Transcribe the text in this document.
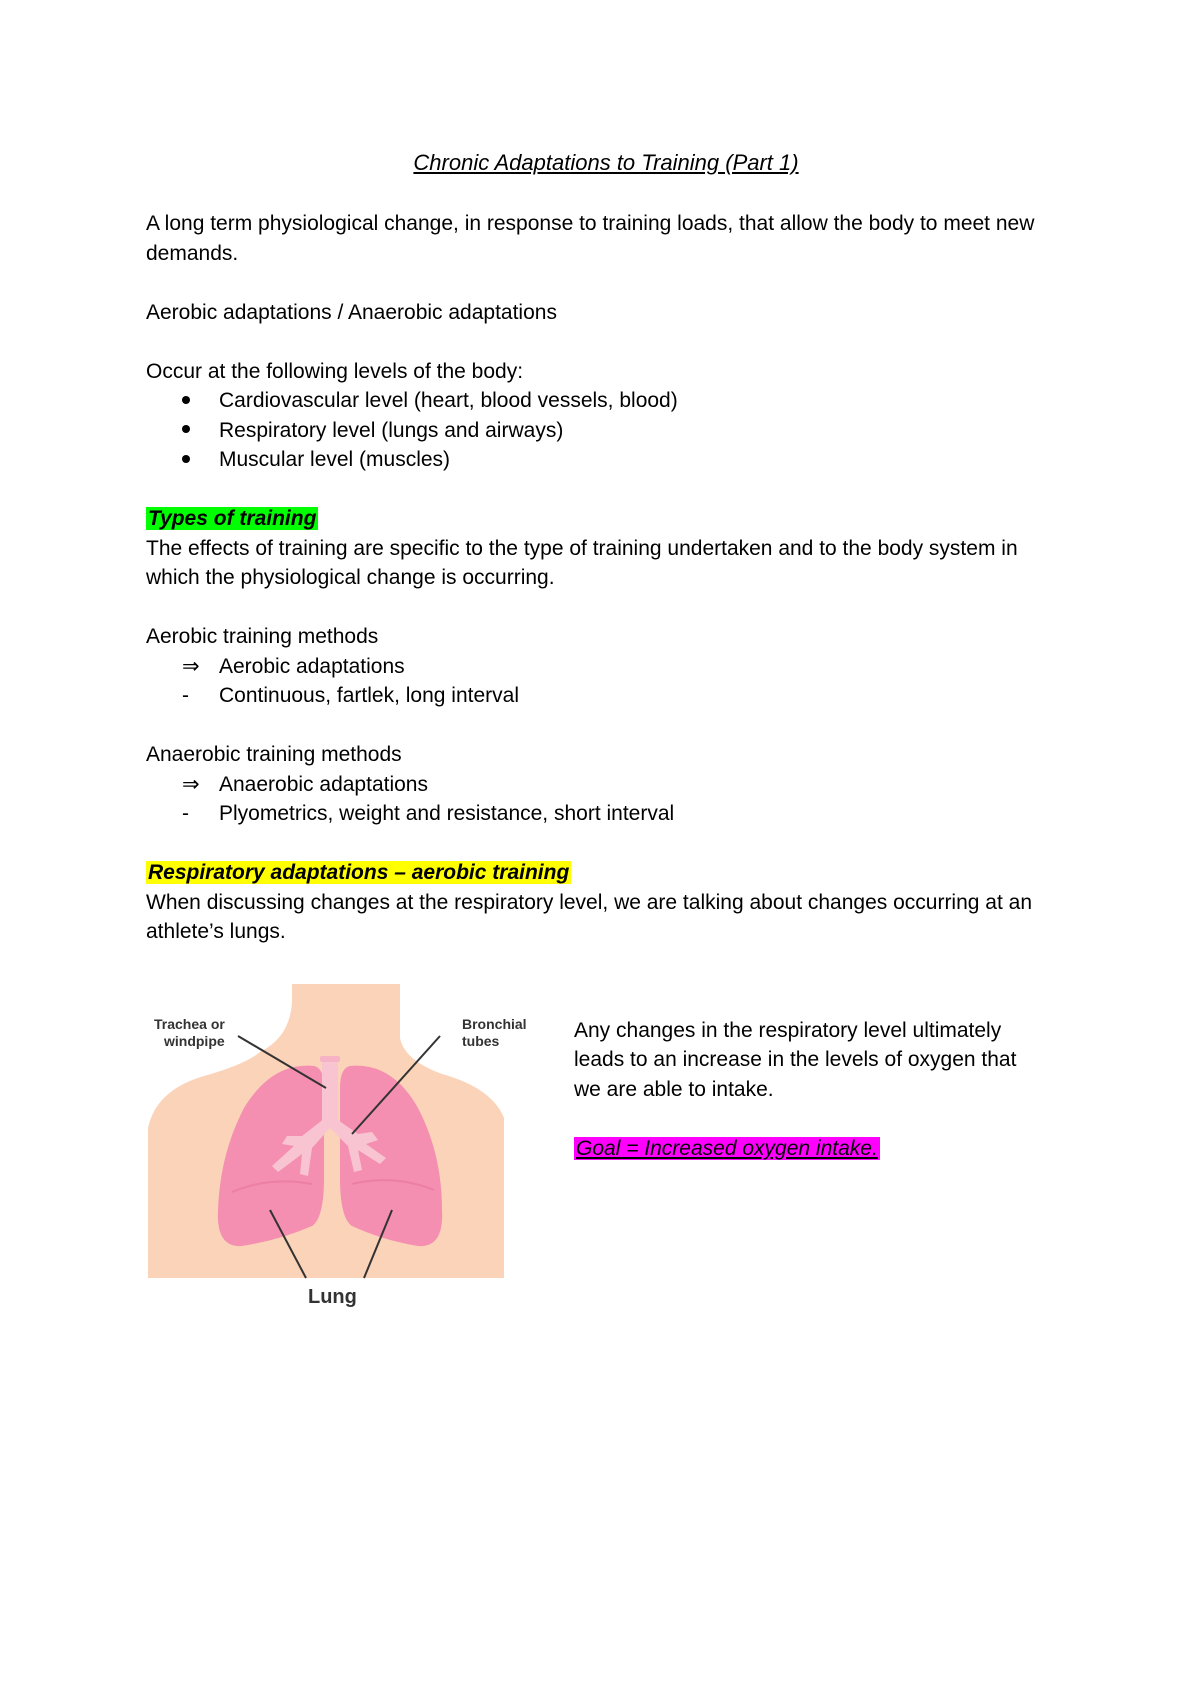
Chronic Adaptations to Training (Part 1)

A long term physiological change, in response to training loads, that allow the body to meet new demands.

Aerobic adaptations / Anaerobic adaptations

Occur at the following levels of the body:

Cardiovascular level (heart, blood vessels, blood)
Respiratory level (lungs and airways)
Muscular level (muscles)

Types of training

The effects of training are specific to the type of training undertaken and to the body system in which the physiological change is occurring.

Aerobic training methods

⇒ Aerobic adaptations
-	Continuous, fartlek, long interval

Anaerobic training methods

⇒ Anaerobic adaptations
-	Plyometrics, weight and resistance, short interval

Respiratory adaptations – aerobic training

When discussing changes at the respiratory level, we are talking about changes occurring at an athlete’s lungs.

Trachea or
windpipe
Bronchial
tubes
Lung

Any changes in the respiratory level ultimately leads to an increase in the levels of oxygen that we are able to intake.

Goal = Increased oxygen intake.
